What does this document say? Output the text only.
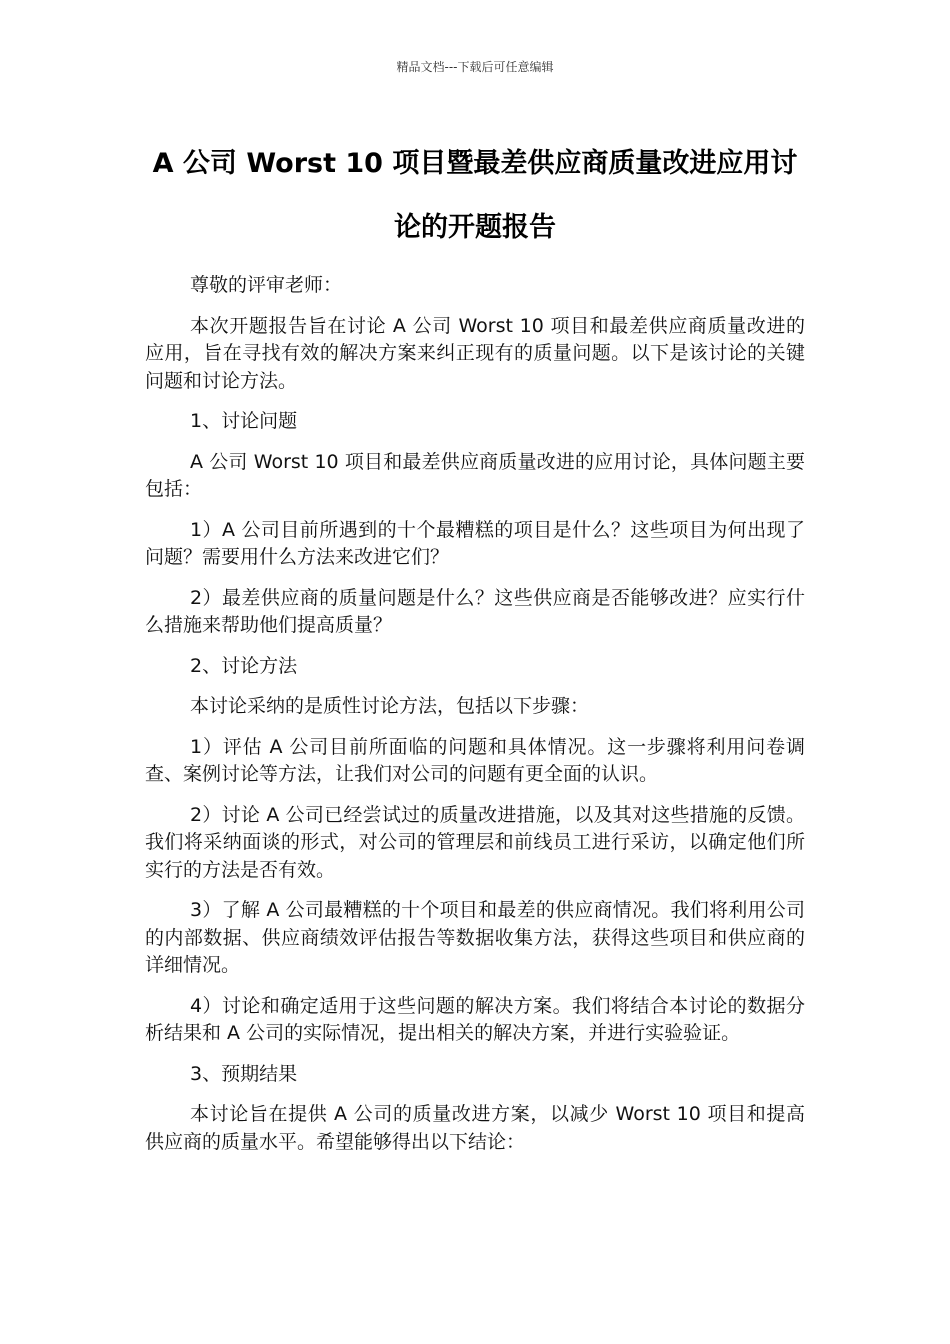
精品文档---下载后可任意编辑
A 公司 Worst 10 项目暨最差供应商质量改进应用讨论的开题报告

尊敬的评审老师：

本次开题报告旨在讨论 A 公司 Worst 10 项目和最差供应商质量改进的应用，旨在寻找有效的解决方案来纠正现有的质量问题。以下是该讨论的关键问题和讨论方法。

1、讨论问题

A 公司 Worst 10 项目和最差供应商质量改进的应用讨论，具体问题主要包括：

1）A 公司目前所遇到的十个最糟糕的项目是什么？这些项目为何出现了问题？需要用什么方法来改进它们？

2）最差供应商的质量问题是什么？这些供应商是否能够改进？应实行什么措施来帮助他们提高质量？

2、讨论方法

本讨论采纳的是质性讨论方法，包括以下步骤：

1）评估 A 公司目前所面临的问题和具体情况。这一步骤将利用问卷调查、案例讨论等方法，让我们对公司的问题有更全面的认识。

2）讨论 A 公司已经尝试过的质量改进措施，以及其对这些措施的反馈。我们将采纳面谈的形式，对公司的管理层和前线员工进行采访，以确定他们所实行的方法是否有效。

3）了解 A 公司最糟糕的十个项目和最差的供应商情况。我们将利用公司的内部数据、供应商绩效评估报告等数据收集方法，获得这些项目和供应商的详细情况。

4）讨论和确定适用于这些问题的解决方案。我们将结合本讨论的数据分析结果和 A 公司的实际情况，提出相关的解决方案，并进行实验验证。

3、预期结果

本讨论旨在提供 A 公司的质量改进方案，以减少 Worst 10 项目和提高供应商的质量水平。希望能够得出以下结论：
